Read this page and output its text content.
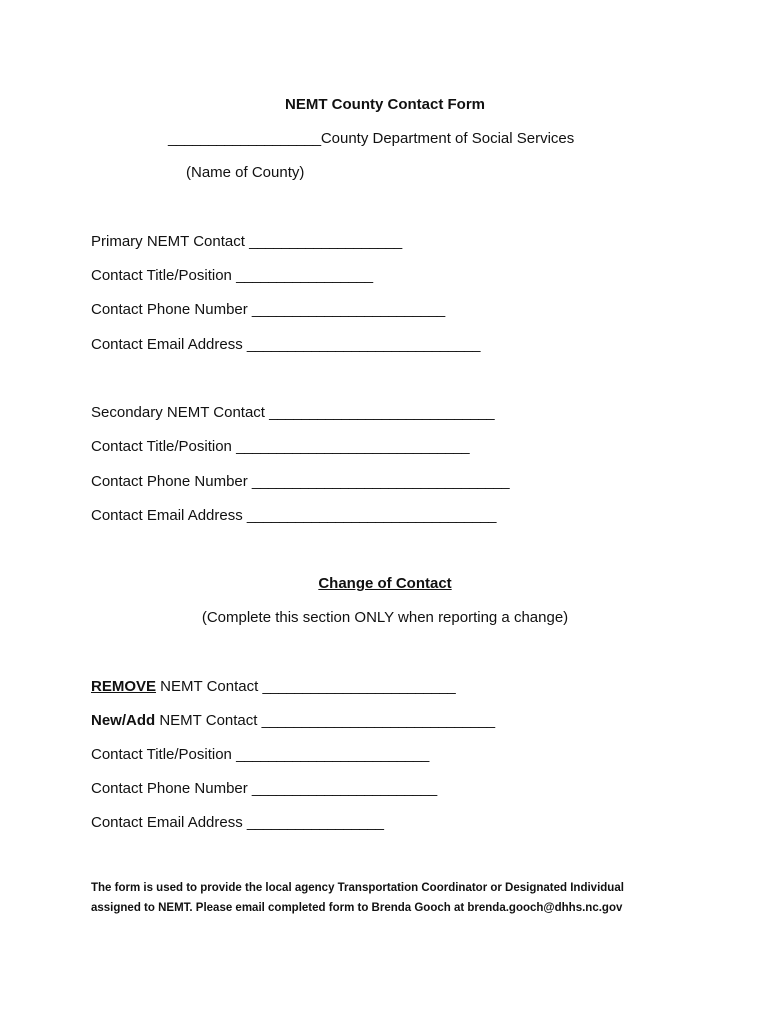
NEMT County Contact Form
___________________County Department of Social Services
(Name of County)
Primary NEMT Contact ___________________
Contact Title/Position _________________
Contact Phone Number ________________________
Contact Email Address _____________________________
Secondary NEMT Contact ____________________________
Contact Title/Position _____________________________
Contact Phone Number ________________________________
Contact Email Address _______________________________
Change of Contact
(Complete this section ONLY when reporting a change)
REMOVE NEMT Contact ________________________
New/Add NEMT Contact _____________________________
Contact Title/Position ________________________
Contact Phone Number _______________________
Contact Email Address _________________
The form is used to provide the local agency Transportation Coordinator or Designated Individual
assigned to NEMT. Please email completed form to Brenda Gooch at brenda.gooch@dhhs.nc.gov
